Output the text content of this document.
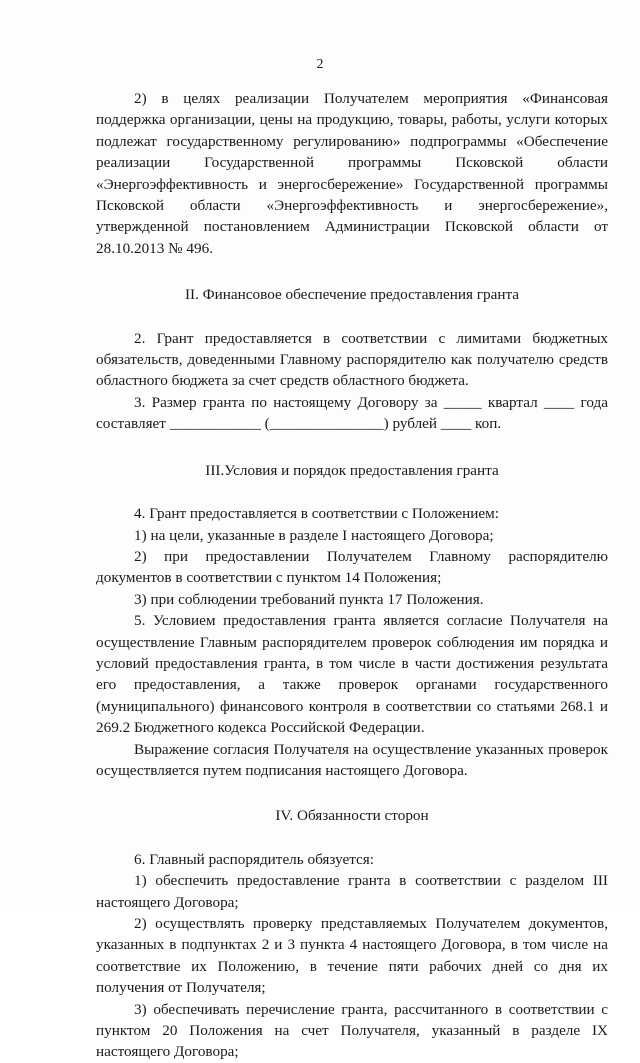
2

2) в целях реализации Получателем мероприятия «Финансовая поддержка организации, цены на продукцию, товары, работы, услуги которых подлежат государственному регулированию» подпрограммы «Обеспечение реализации Государственной программы Псковской области «Энергоэффективность и энергосбережение» Государственной программы Псковской области «Энергоэффективность и энергосбережение», утвержденной постановлением Администрации Псковской области от 28.10.2013 № 496.

II. Финансовое обеспечение предоставления гранта

2. Грант предоставляется в соответствии с лимитами бюджетных обязательств, доведенными Главному распорядителю как получателю средств областного бюджета за счет средств областного бюджета.

3. Размер гранта по настоящему Договору за _____ квартал ____ года составляет ____________ (_______________) рублей ____ коп.

III.Условия и порядок предоставления гранта

4. Грант предоставляется в соответствии с Положением:

1) на цели, указанные в разделе I настоящего Договора;

2) при предоставлении Получателем Главному распорядителю документов в соответствии с пунктом 14 Положения;

3) при соблюдении требований пункта 17 Положения.

5. Условием предоставления гранта является согласие Получателя на осуществление Главным распорядителем проверок соблюдения им порядка и условий предоставления гранта, в том числе в части достижения результата его предоставления, а также проверок органами государственного (муниципального) финансового контроля в соответствии со статьями 268.1 и 269.2 Бюджетного кодекса Российской Федерации.

Выражение согласия Получателя на осуществление указанных проверок осуществляется путем подписания настоящего Договора.

IV. Обязанности сторон

6. Главный распорядитель обязуется:

1) обеспечить предоставление гранта в соответствии с разделом III настоящего Договора;

2) осуществлять проверку представляемых Получателем документов, указанных в подпунктах 2 и 3 пункта 4 настоящего Договора, в том числе на соответствие их Положению, в течение пяти рабочих дней со дня их получения от Получателя;

3) обеспечивать перечисление гранта, рассчитанного в соответствии с пунктом 20 Положения на счет Получателя, указанный в разделе IX настоящего Договора;
